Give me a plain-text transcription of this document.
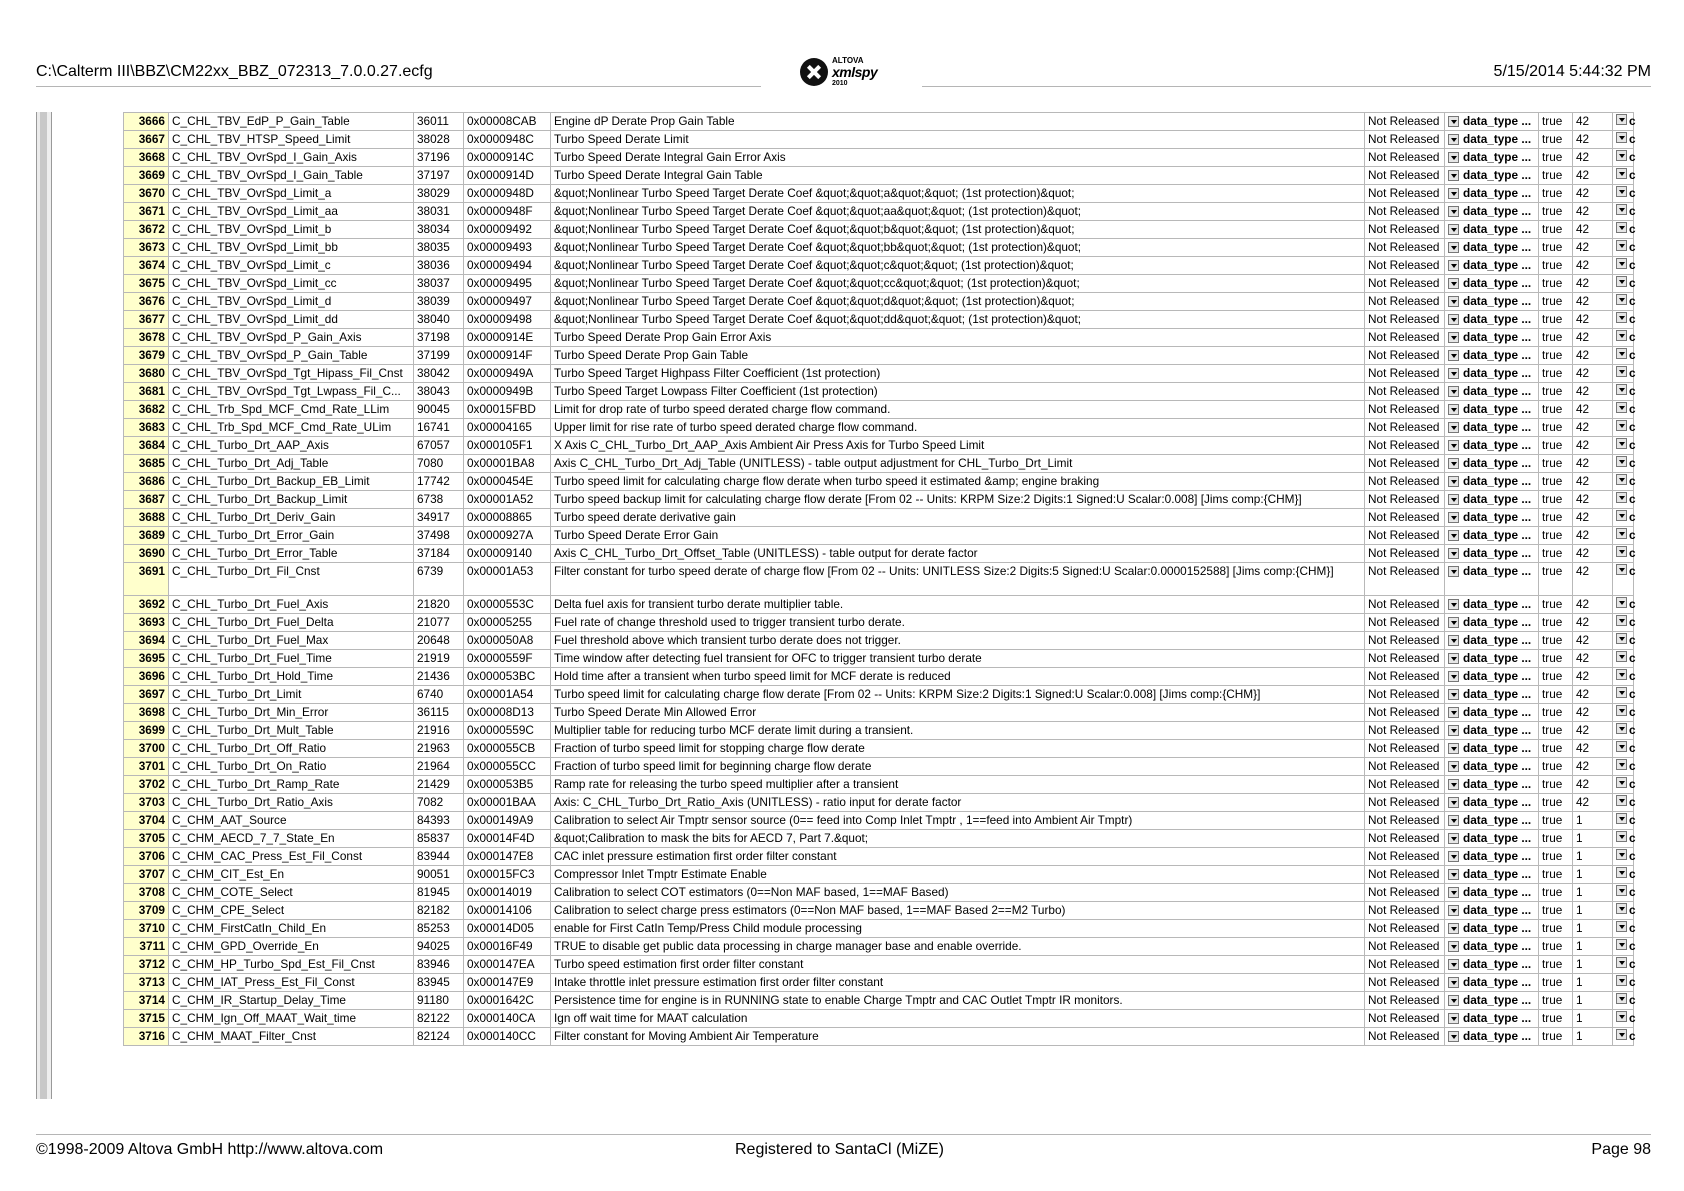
C:\Calterm III\BBZ\CM22xx_BBZ_072313_7.0.0.27.ecfg
ALTOVA
xmlspy
2010
5/15/2014 5:44:32 PM
3666	C_CHL_TBV_EdP_P_Gain_Table	36011	0x00008CAB	Engine dP Derate Prop Gain Table	Not Released	data_type ...	true	42	c
3667	C_CHL_TBV_HTSP_Speed_Limit	38028	0x0000948C	Turbo Speed Derate Limit	Not Released	data_type ...	true	42	c
3668	C_CHL_TBV_OvrSpd_I_Gain_Axis	37196	0x0000914C	Turbo Speed Derate Integral Gain Error Axis	Not Released	data_type ...	true	42	c
3669	C_CHL_TBV_OvrSpd_I_Gain_Table	37197	0x0000914D	Turbo Speed Derate Integral Gain Table	Not Released	data_type ...	true	42	c
3670	C_CHL_TBV_OvrSpd_Limit_a	38029	0x0000948D	&quot;Nonlinear Turbo Speed Target Derate Coef &quot;&quot;a&quot;&quot; (1st protection)&quot;	Not Released	data_type ...	true	42	c
3671	C_CHL_TBV_OvrSpd_Limit_aa	38031	0x0000948F	&quot;Nonlinear Turbo Speed Target Derate Coef &quot;&quot;aa&quot;&quot; (1st protection)&quot;	Not Released	data_type ...	true	42	c
3672	C_CHL_TBV_OvrSpd_Limit_b	38034	0x00009492	&quot;Nonlinear Turbo Speed Target Derate Coef &quot;&quot;b&quot;&quot; (1st protection)&quot;	Not Released	data_type ...	true	42	c
3673	C_CHL_TBV_OvrSpd_Limit_bb	38035	0x00009493	&quot;Nonlinear Turbo Speed Target Derate Coef &quot;&quot;bb&quot;&quot; (1st protection)&quot;	Not Released	data_type ...	true	42	c
3674	C_CHL_TBV_OvrSpd_Limit_c	38036	0x00009494	&quot;Nonlinear Turbo Speed Target Derate Coef &quot;&quot;c&quot;&quot; (1st protection)&quot;	Not Released	data_type ...	true	42	c
3675	C_CHL_TBV_OvrSpd_Limit_cc	38037	0x00009495	&quot;Nonlinear Turbo Speed Target Derate Coef &quot;&quot;cc&quot;&quot; (1st protection)&quot;	Not Released	data_type ...	true	42	c
3676	C_CHL_TBV_OvrSpd_Limit_d	38039	0x00009497	&quot;Nonlinear Turbo Speed Target Derate Coef &quot;&quot;d&quot;&quot; (1st protection)&quot;	Not Released	data_type ...	true	42	c
3677	C_CHL_TBV_OvrSpd_Limit_dd	38040	0x00009498	&quot;Nonlinear Turbo Speed Target Derate Coef &quot;&quot;dd&quot;&quot; (1st protection)&quot;	Not Released	data_type ...	true	42	c
3678	C_CHL_TBV_OvrSpd_P_Gain_Axis	37198	0x0000914E	Turbo Speed Derate Prop Gain Error Axis	Not Released	data_type ...	true	42	c
3679	C_CHL_TBV_OvrSpd_P_Gain_Table	37199	0x0000914F	Turbo Speed Derate Prop Gain Table	Not Released	data_type ...	true	42	c
3680	C_CHL_TBV_OvrSpd_Tgt_Hipass_Fil_Cnst	38042	0x0000949A	Turbo Speed Target Highpass Filter Coefficient (1st protection)	Not Released	data_type ...	true	42	c
3681	C_CHL_TBV_OvrSpd_Tgt_Lwpass_Fil_C...	38043	0x0000949B	Turbo Speed Target Lowpass Filter Coefficient (1st protection)	Not Released	data_type ...	true	42	c
3682	C_CHL_Trb_Spd_MCF_Cmd_Rate_LLim	90045	0x00015FBD	Limit for drop rate of turbo speed derated charge flow command.	Not Released	data_type ...	true	42	c
3683	C_CHL_Trb_Spd_MCF_Cmd_Rate_ULim	16741	0x00004165	Upper limit for rise rate of turbo speed derated charge flow command.	Not Released	data_type ...	true	42	c
3684	C_CHL_Turbo_Drt_AAP_Axis	67057	0x000105F1	X Axis C_CHL_Turbo_Drt_AAP_Axis Ambient Air Press Axis for Turbo Speed Limit	Not Released	data_type ...	true	42	c
3685	C_CHL_Turbo_Drt_Adj_Table	7080	0x00001BA8	Axis C_CHL_Turbo_Drt_Adj_Table (UNITLESS) - table output adjustment for CHL_Turbo_Drt_Limit	Not Released	data_type ...	true	42	c
3686	C_CHL_Turbo_Drt_Backup_EB_Limit	17742	0x0000454E	Turbo speed limit for calculating charge flow derate when turbo speed it estimated &amp; engine braking	Not Released	data_type ...	true	42	c
3687	C_CHL_Turbo_Drt_Backup_Limit	6738	0x00001A52	Turbo speed backup limit for calculating charge flow derate [From 02 -- Units: KRPM Size:2 Digits:1 Signed:U Scalar:0.008] [Jims comp:{CHM}]	Not Released	data_type ...	true	42	c
3688	C_CHL_Turbo_Drt_Deriv_Gain	34917	0x00008865	Turbo speed derate derivative gain	Not Released	data_type ...	true	42	c
3689	C_CHL_Turbo_Drt_Error_Gain	37498	0x0000927A	Turbo Speed Derate Error Gain	Not Released	data_type ...	true	42	c
3690	C_CHL_Turbo_Drt_Error_Table	37184	0x00009140	Axis C_CHL_Turbo_Drt_Offset_Table (UNITLESS) - table output for derate factor	Not Released	data_type ...	true	42	c
3691	C_CHL_Turbo_Drt_Fil_Cnst	6739	0x00001A53	Filter constant for turbo speed derate of charge flow [From 02 -- Units: UNITLESS Size:2 Digits:5 Signed:U Scalar:0.0000152588] [Jims comp:{CHM}]	Not Released	data_type ...	true	42	c
3692	C_CHL_Turbo_Drt_Fuel_Axis	21820	0x0000553C	Delta fuel axis for transient turbo derate multiplier table.	Not Released	data_type ...	true	42	c
3693	C_CHL_Turbo_Drt_Fuel_Delta	21077	0x00005255	Fuel rate of change threshold used to trigger transient turbo derate.	Not Released	data_type ...	true	42	c
3694	C_CHL_Turbo_Drt_Fuel_Max	20648	0x000050A8	Fuel threshold above which transient turbo derate does not trigger.	Not Released	data_type ...	true	42	c
3695	C_CHL_Turbo_Drt_Fuel_Time	21919	0x0000559F	Time window after detecting fuel transient for OFC to trigger transient turbo derate	Not Released	data_type ...	true	42	c
3696	C_CHL_Turbo_Drt_Hold_Time	21436	0x000053BC	Hold time after a transient when turbo speed limit for MCF derate is reduced	Not Released	data_type ...	true	42	c
3697	C_CHL_Turbo_Drt_Limit	6740	0x00001A54	Turbo speed limit for calculating charge flow derate [From 02 -- Units: KRPM Size:2 Digits:1 Signed:U Scalar:0.008] [Jims comp:{CHM}]	Not Released	data_type ...	true	42	c
3698	C_CHL_Turbo_Drt_Min_Error	36115	0x00008D13	Turbo Speed Derate Min Allowed Error	Not Released	data_type ...	true	42	c
3699	C_CHL_Turbo_Drt_Mult_Table	21916	0x0000559C	Multiplier table for reducing turbo MCF derate limit during a transient.	Not Released	data_type ...	true	42	c
3700	C_CHL_Turbo_Drt_Off_Ratio	21963	0x000055CB	Fraction of turbo speed limit for stopping charge flow derate	Not Released	data_type ...	true	42	c
3701	C_CHL_Turbo_Drt_On_Ratio	21964	0x000055CC	Fraction of turbo speed limit for beginning charge flow derate	Not Released	data_type ...	true	42	c
3702	C_CHL_Turbo_Drt_Ramp_Rate	21429	0x000053B5	Ramp rate for releasing the turbo speed multiplier after a transient	Not Released	data_type ...	true	42	c
3703	C_CHL_Turbo_Drt_Ratio_Axis	7082	0x00001BAA	Axis: C_CHL_Turbo_Drt_Ratio_Axis (UNITLESS) - ratio input for derate factor	Not Released	data_type ...	true	42	c
3704	C_CHM_AAT_Source	84393	0x000149A9	Calibration to select Air Tmptr sensor source (0== feed into Comp Inlet Tmptr , 1==feed into Ambient Air Tmptr)	Not Released	data_type ...	true	1	c
3705	C_CHM_AECD_7_7_State_En	85837	0x00014F4D	&quot;Calibration to mask the bits for AECD 7, Part 7.&quot;	Not Released	data_type ...	true	1	c
3706	C_CHM_CAC_Press_Est_Fil_Const	83944	0x000147E8	CAC inlet pressure estimation first order filter constant	Not Released	data_type ...	true	1	c
3707	C_CHM_CIT_Est_En	90051	0x00015FC3	Compressor Inlet Tmptr Estimate Enable	Not Released	data_type ...	true	1	c
3708	C_CHM_COTE_Select	81945	0x00014019	Calibration to select COT estimators (0==Non MAF based, 1==MAF Based)	Not Released	data_type ...	true	1	c
3709	C_CHM_CPE_Select	82182	0x00014106	Calibration to select charge press estimators (0==Non MAF based, 1==MAF Based 2==M2 Turbo)	Not Released	data_type ...	true	1	c
3710	C_CHM_FirstCatIn_Child_En	85253	0x00014D05	enable for First CatIn Temp/Press Child module processing	Not Released	data_type ...	true	1	c
3711	C_CHM_GPD_Override_En	94025	0x00016F49	TRUE to disable get public data processing in charge manager base and enable override.	Not Released	data_type ...	true	1	c
3712	C_CHM_HP_Turbo_Spd_Est_Fil_Cnst	83946	0x000147EA	Turbo speed estimation first order filter constant	Not Released	data_type ...	true	1	c
3713	C_CHM_IAT_Press_Est_Fil_Const	83945	0x000147E9	Intake throttle inlet pressure estimation first order filter constant	Not Released	data_type ...	true	1	c
3714	C_CHM_IR_Startup_Delay_Time	91180	0x0001642C	Persistence time for engine is in RUNNING state to enable Charge Tmptr and CAC Outlet Tmptr IR monitors.	Not Released	data_type ...	true	1	c
3715	C_CHM_Ign_Off_MAAT_Wait_time	82122	0x000140CA	Ign off wait time for MAAT calculation	Not Released	data_type ...	true	1	c
3716	C_CHM_MAAT_Filter_Cnst	82124	0x000140CC	Filter constant for Moving Ambient Air Temperature	Not Released	data_type ...	true	1	c
©1998-2009 Altova GmbH http://www.altova.com	Registered to SantaCl (MiZE)	Page 98
